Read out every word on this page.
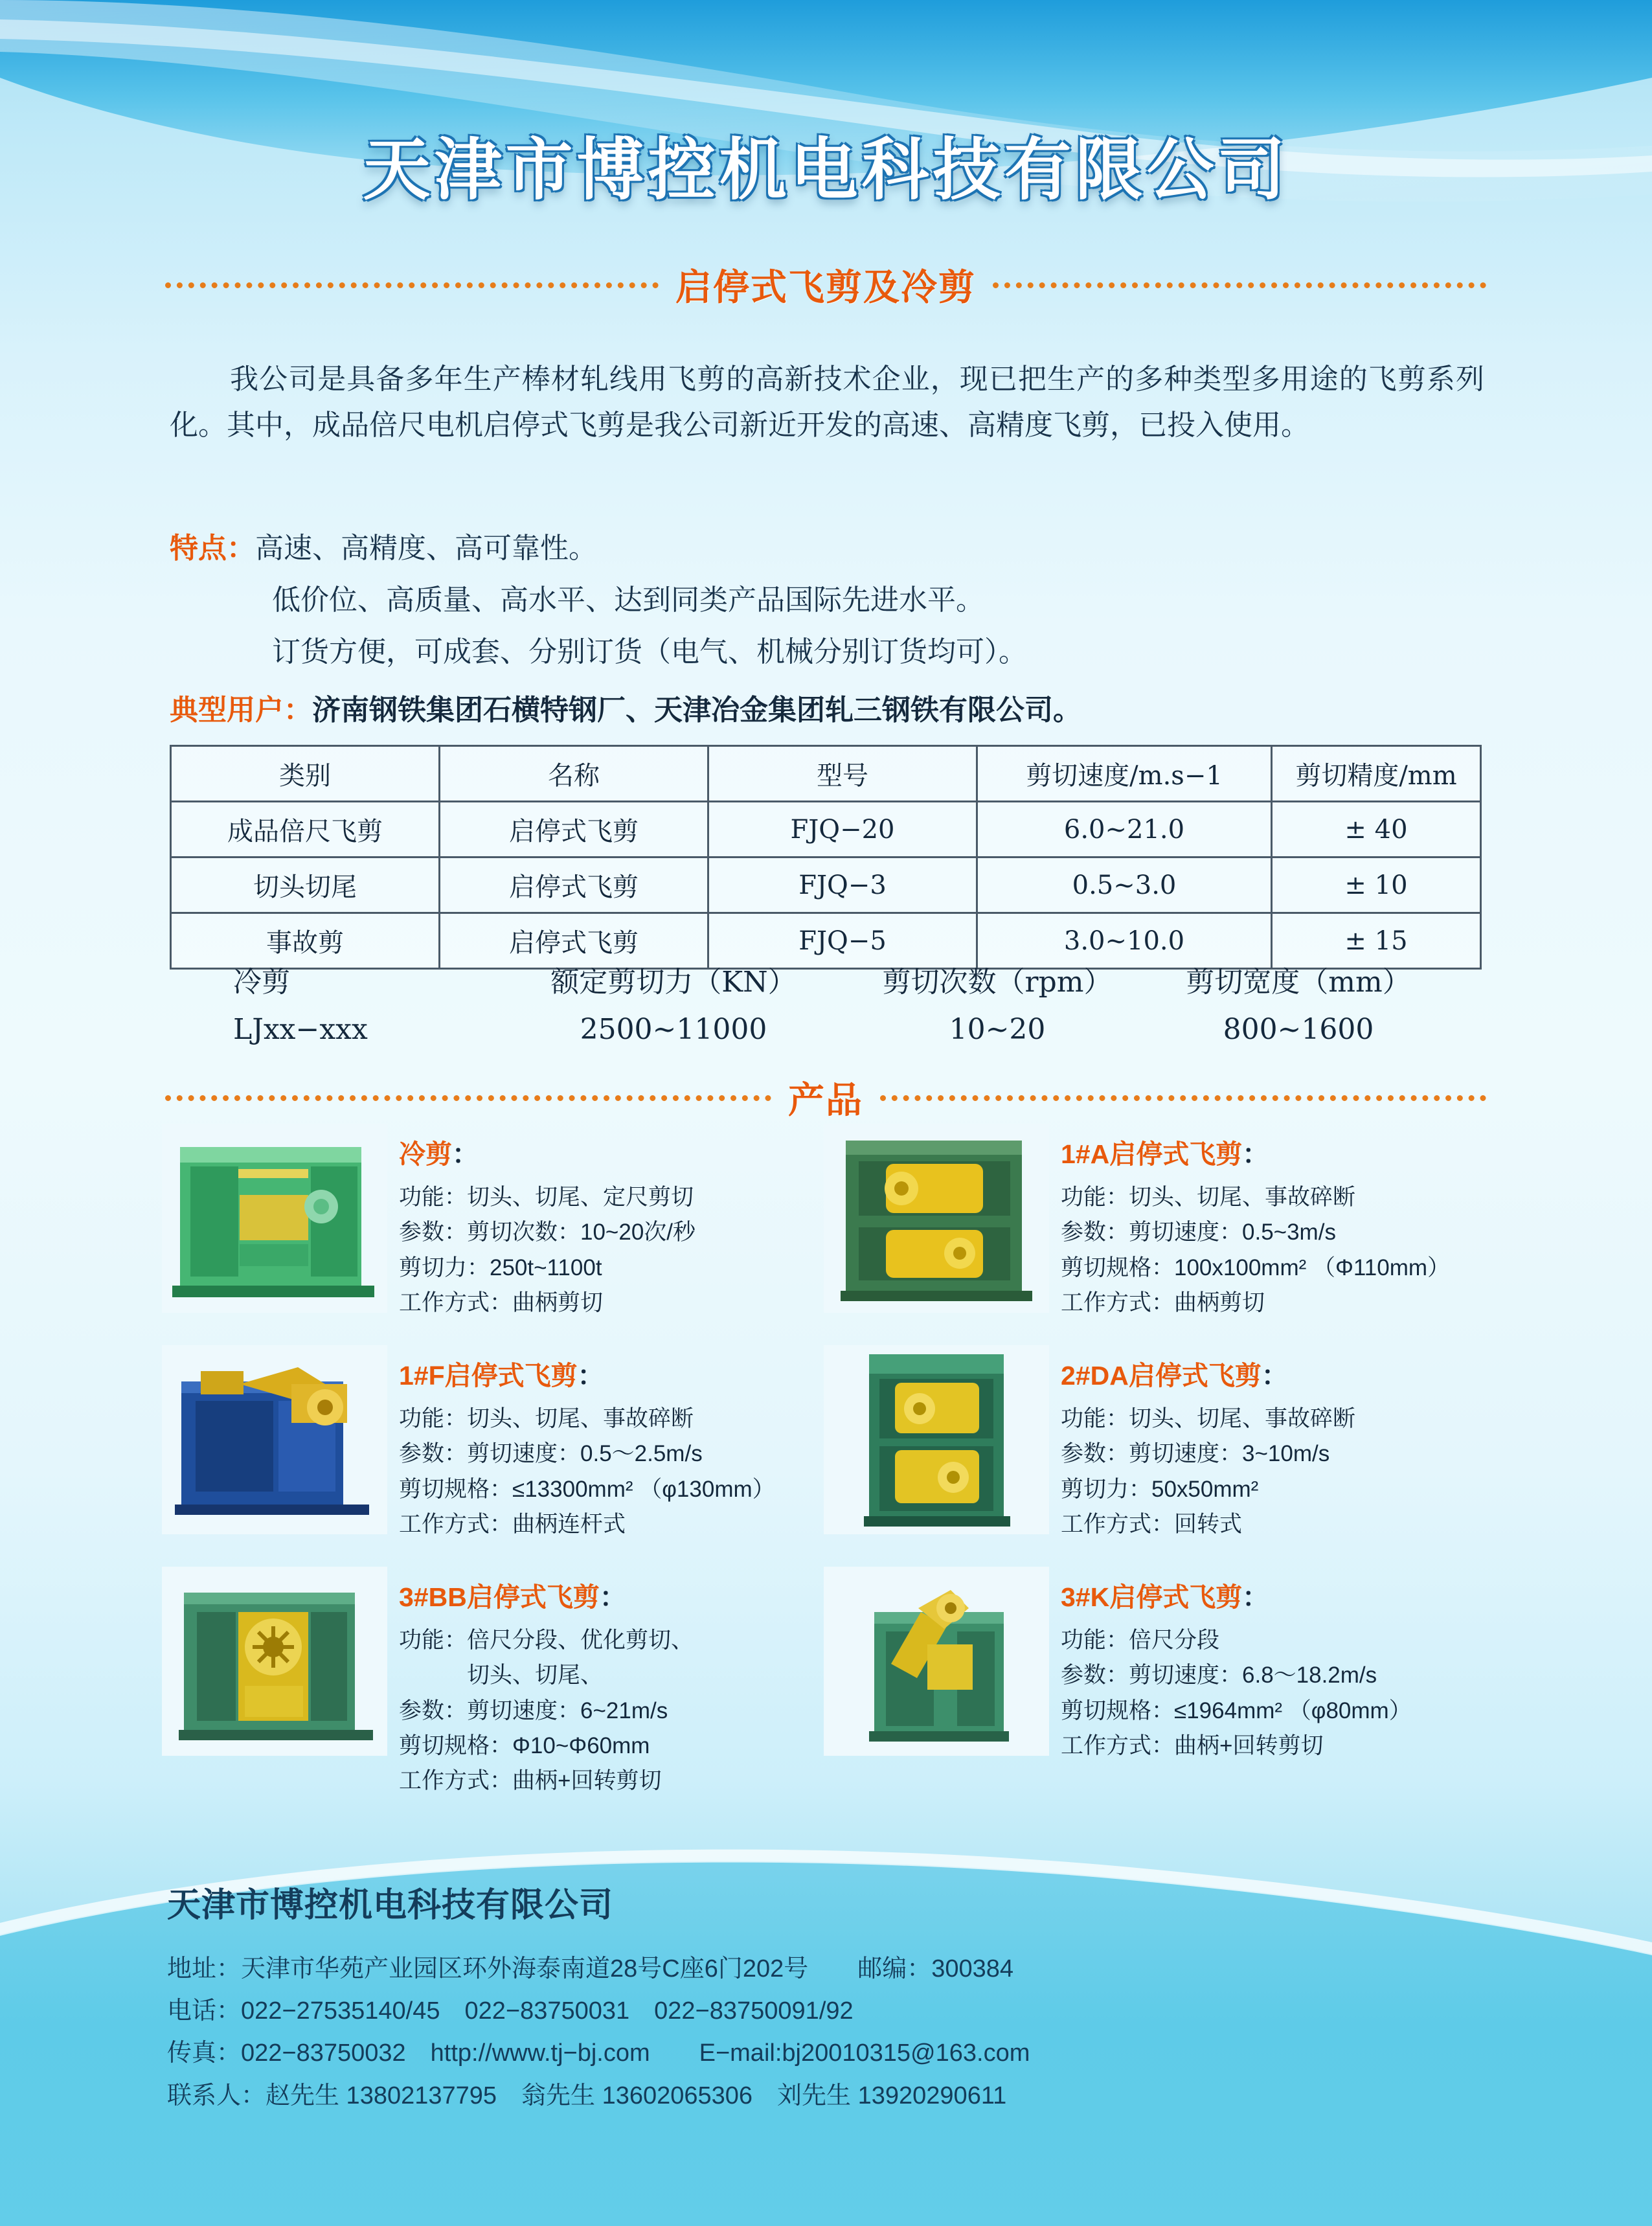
天津市博控机电科技有限公司
启停式飞剪及冷剪
我公司是具备多年生产棒材轧线用飞剪的高新技术企业，现已把生产的多种类型多用途的飞剪系列化。其中，成品倍尺电机启停式飞剪是我公司新近开发的高速、高精度飞剪，已投入使用。
特点：高速、高精度、高可靠性。
低价位、高质量、高水平、达到同类产品国际先进水平。
订货方便，可成套、分别订货（电气、机械分别订货均可）。
典型用户：济南钢铁集团石横特钢厂、天津冶金集团轧三钢铁有限公司。
类别	名称	型号	剪切速度/m.s−1	剪切精度/mm
成品倍尺飞剪	启停式飞剪	FJQ−20	6.0~21.0	± 40
切头切尾	启停式飞剪	FJQ−3	0.5~3.0	± 10
事故剪	启停式飞剪	FJQ−5	3.0~10.0	± 15
冷剪	额定剪切力（KN）	剪切次数（rpm）	剪切宽度（mm）
LJxx−xxx	2500~11000	10~20	800~1600
产品
冷剪：
功能：切头、切尾、定尺剪切
参数：剪切次数：10~20次/秒
剪切力：250t~1100t
工作方式：曲柄剪切
1#A启停式飞剪：
功能：切头、切尾、事故碎断
参数：剪切速度：0.5~3m/s
剪切规格：100x100mm² （Φ110mm）
工作方式：曲柄剪切
1#F启停式飞剪：
功能：切头、切尾、事故碎断
参数：剪切速度：0.5～2.5m/s
剪切规格：≤13300mm² （φ130mm）
工作方式：曲柄连杆式
2#DA启停式飞剪：
功能：切头、切尾、事故碎断
参数：剪切速度：3~10m/s
剪切力：50x50mm²
工作方式：回转式
3#BB启停式飞剪：
功能：倍尺分段、优化剪切、
　　　切头、切尾、
参数：剪切速度：6~21m/s
剪切规格：Φ10~Φ60mm
工作方式：曲柄+回转剪切
3#K启停式飞剪：
功能：倍尺分段
参数：剪切速度：6.8～18.2m/s
剪切规格：≤1964mm² （φ80mm）
工作方式：曲柄+回转剪切
天津市博控机电科技有限公司
地址：天津市华苑产业园区环外海泰南道28号C座6门202号　　邮编：300384
电话：022−27535140/45　022−83750031　022−83750091/92
传真：022−83750032　http://www.tj−bj.com　　E−mail:bj20010315@163.com
联系人：赵先生 13802137795　翁先生 13602065306　刘先生 13920290611
